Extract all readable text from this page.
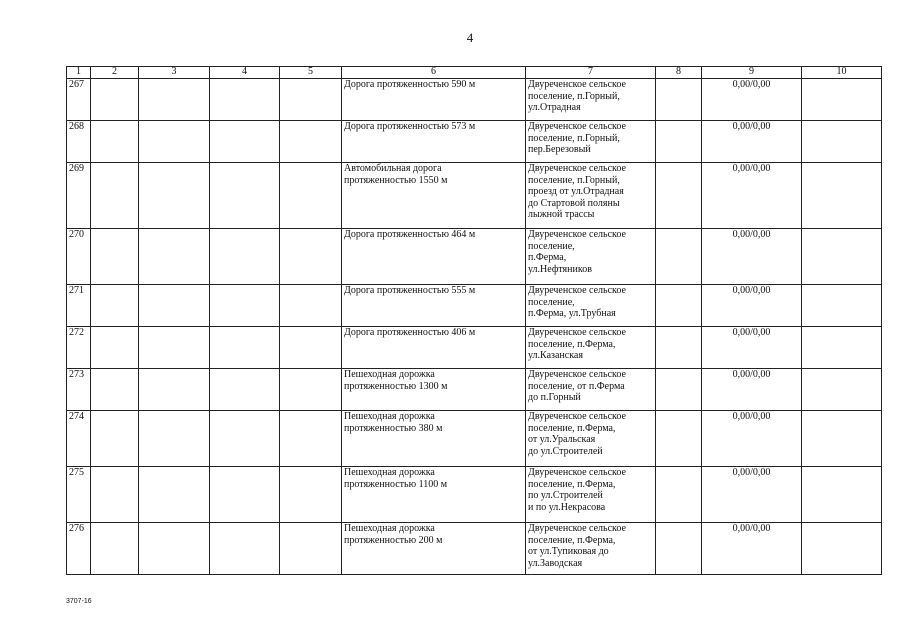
4
1	2	3	4	5	6	7	8	9	10
267					Дорога протяженностью 590 м	Двуреченское сельское
поселение, п.Горный,
ул.Отрадная		0,00/0,00	
268					Дорога протяженностью 573 м	Двуреченское сельское
поселение, п.Горный,
пер.Березовый		0,00/0,00	
269					Автомобильная дорога
протяженностью 1550 м	Двуреченское сельское
поселение, п.Горный,
проезд от ул.Отрадная
до Стартовой поляны
лыжной трассы		0,00/0,00	
270					Дорога протяженностью 464 м	Двуреченское сельское
поселение,
п.Ферма,
ул.Нефтяников		0,00/0,00	
271					Дорога протяженностью 555 м	Двуреченское сельское
поселение,
п.Ферма, ул.Трубная		0,00/0,00	
272					Дорога протяженностью 406 м	Двуреченское сельское
поселение, п.Ферма,
ул.Казанская		0,00/0,00	
273					Пешеходная дорожка
протяженностью 1300 м	Двуреченское сельское
поселение, от п.Ферма
до п.Горный		0,00/0,00	
274					Пешеходная дорожка
протяженностью 380 м	Двуреченское сельское
поселение, п.Ферма,
от ул.Уральская
до ул.Строителей		0,00/0,00	
275					Пешеходная дорожка
протяженностью 1100 м	Двуреченское сельское
поселение, п.Ферма,
по ул.Строителей
и по ул.Некрасова		0,00/0,00	
276					Пешеходная дорожка
протяженностью 200 м	Двуреченское сельское
поселение, п.Ферма,
от ул.Тупиковая до
ул.Заводская		0,00/0,00	
3707-16
